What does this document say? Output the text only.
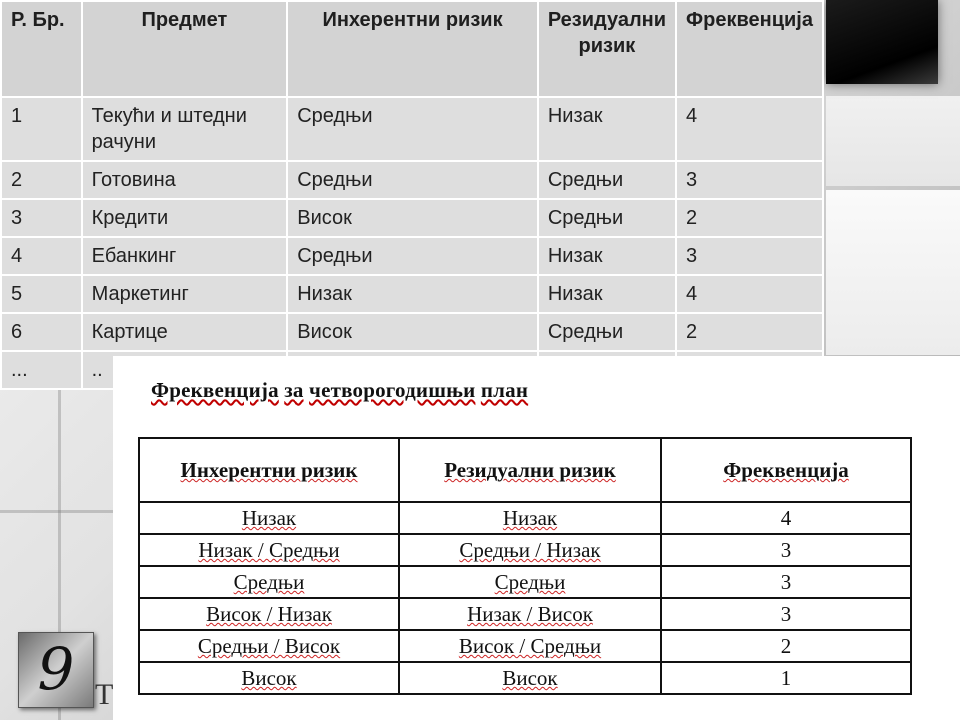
Р. Бр.	Предмет	Инхерентни ризик	Резидуални ризик	Фреквенција
1	Текући и штедни рачуни	Средњи	Низак	4
2	Готовина	Средњи	Средњи	3
3	Кредити	Висок	Средњи	2
4	Ебанкинг	Средњи	Низак	3
5	Маркетинг	Низак	Низак	4
6	Картице	Висок	Средњи	2
...	..			
Фреквенција за четворогодишњи план
Инхерентни ризик	Резидуални ризик	Фреквенција
Низак	Низак	4
Низак / Средњи	Средњи / Низак	3
Средњи	Средњи	3
Висок / Низак	Низак / Висок	3
Средњи / Висок	Висок / Средњи	2
Висок	Висок	1
9 T
